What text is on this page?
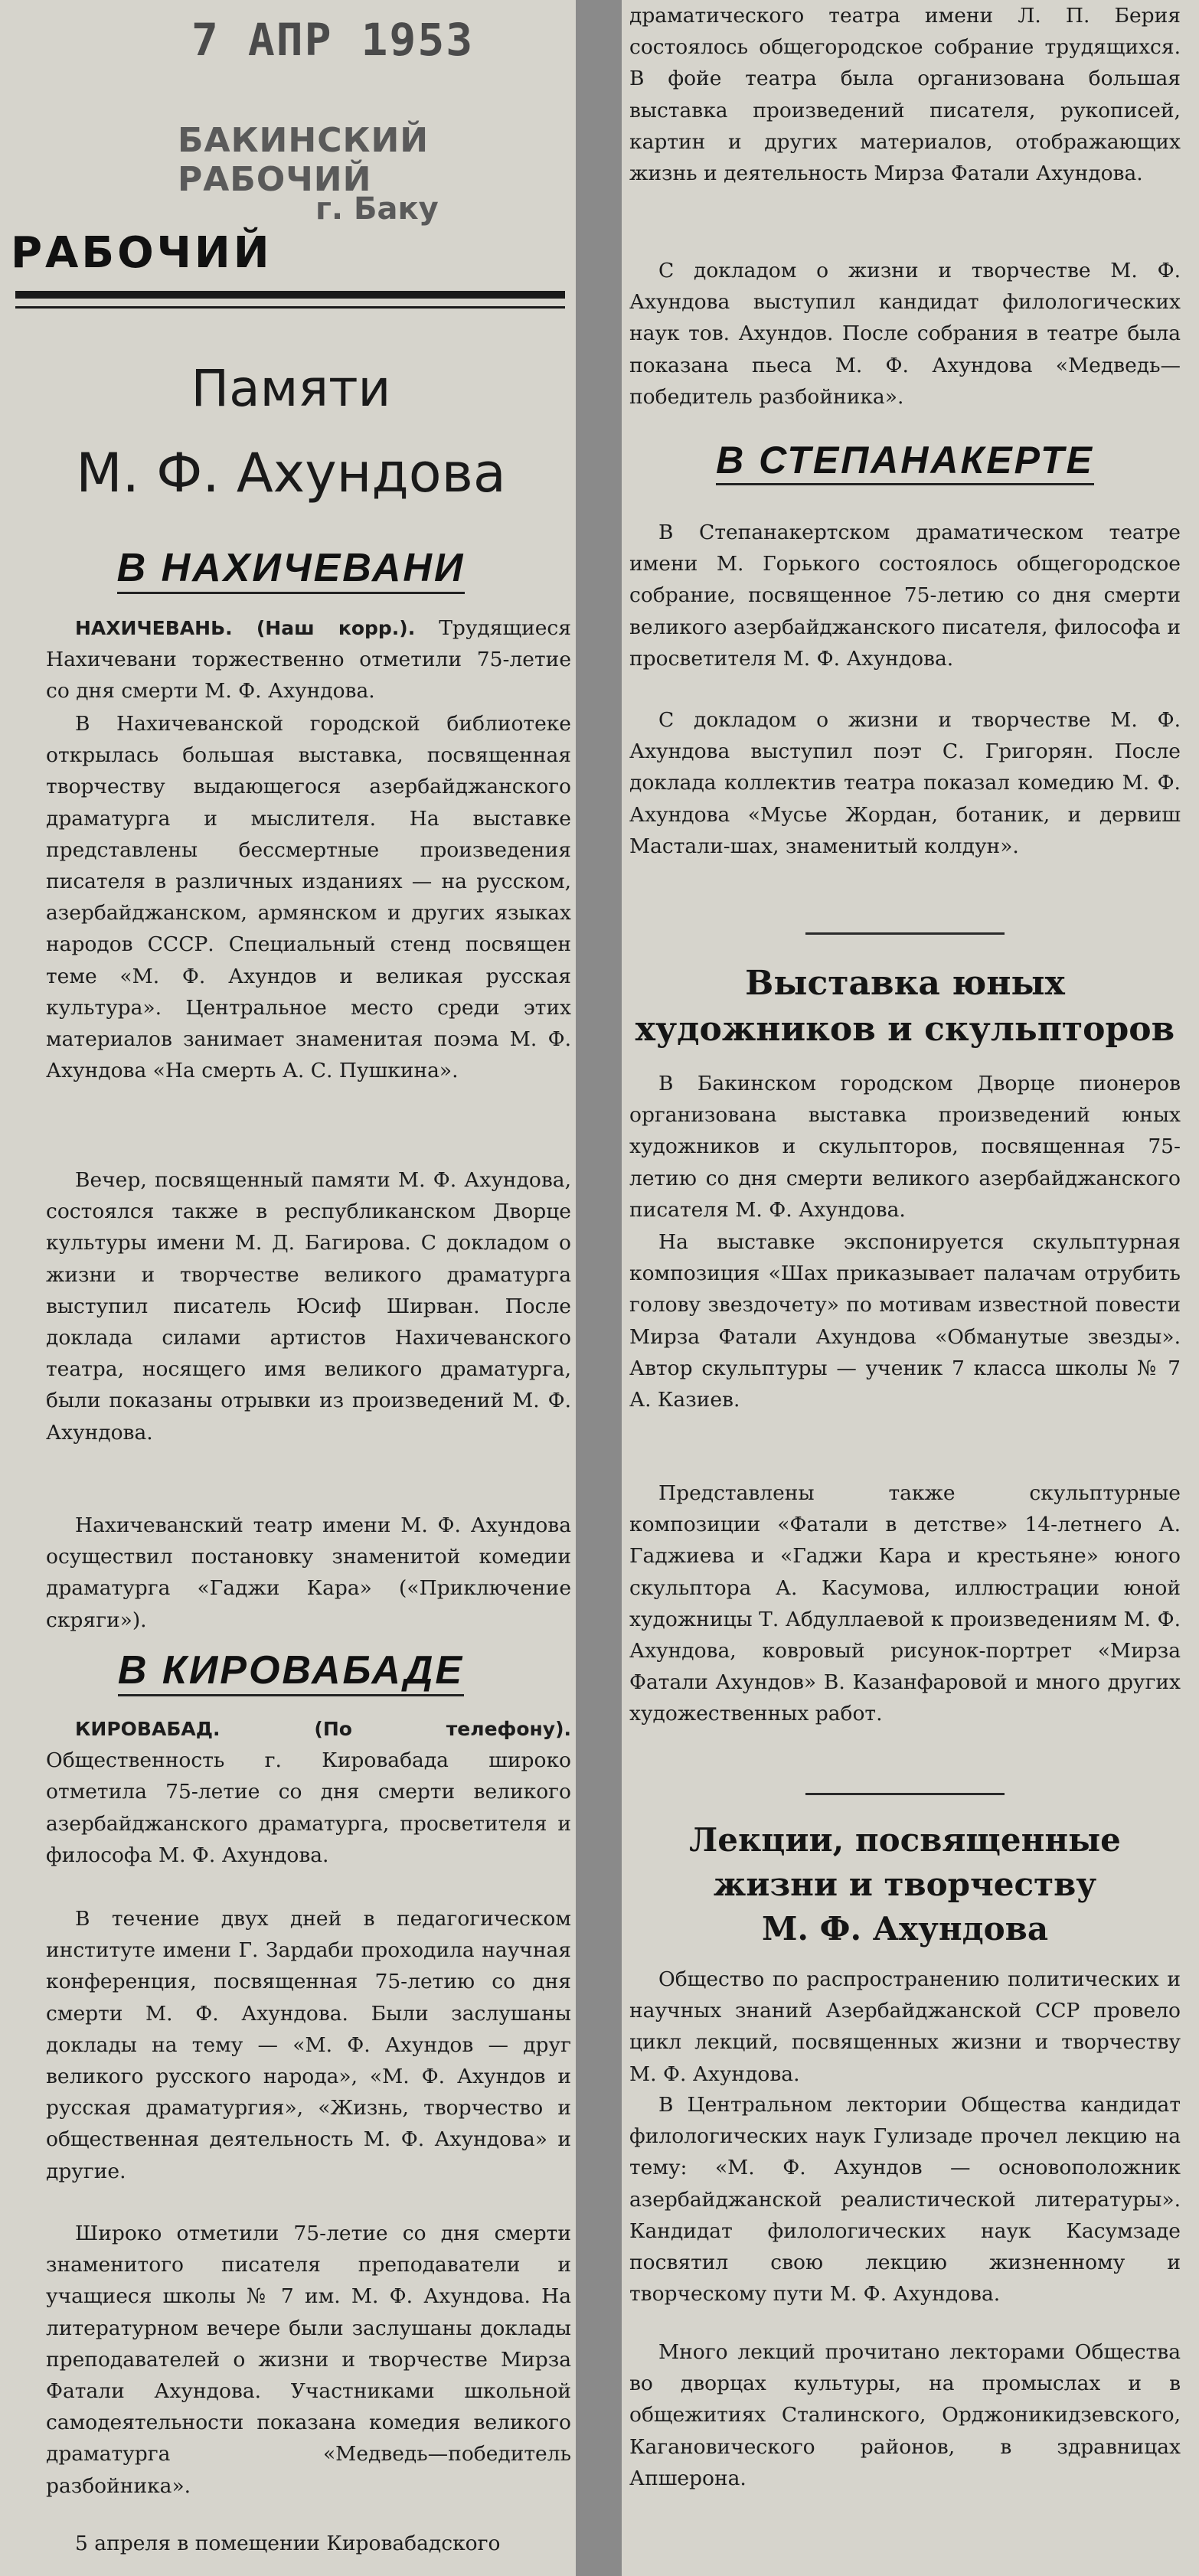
7 АПР 1953
БАКИНСКИЙ РАБОЧИЙ
г. Баку
РАБОЧИЙ
Памяти
М. Ф. Ахундова
В НАХИЧЕВАНИ

НАХИЧЕВАНЬ. (Наш корр.). Трудящиеся Нахичевани торжественно отметили 75-летие со дня смерти М. Ф. Ахундова.

В Нахичеванской городской библиотеке открылась большая выставка, посвященная творчеству выдающегося азербайджанского драматурга и мыслителя. На выставке представлены бессмертные произведения писателя в различных изданиях — на русском, азербайджанском, армянском и других языках народов СССР. Специальный стенд посвящен теме «М. Ф. Ахундов и великая русская культура». Центральное место среди этих материалов занимает знаменитая поэма М. Ф. Ахундова «На смерть А. С. Пушкина».

Вечер, посвященный памяти М. Ф. Ахундова, состоялся также в республиканском Дворце культуры имени М. Д. Багирова. С докладом о жизни и творчестве великого драматурга выступил писатель Юсиф Ширван. После доклада силами артистов Нахичеванского театра, носящего имя великого драматурга, были показаны отрывки из произведений М. Ф. Ахундова.

Нахичеванский театр имени М. Ф. Ахундова осуществил постановку знаменитой комедии драматурга «Гаджи Кара» («Приключение скряги»).

В КИРОВАБАДЕ

КИРОВАБАД. (По телефону). Общественность г. Кировабада широко отметила 75-летие со дня смерти великого азербайджанского драматурга, просветителя и философа М. Ф. Ахундова.

В течение двух дней в педагогическом институте имени Г. Зардаби проходила научная конференция, посвященная 75-летию со дня смерти М. Ф. Ахундова. Были заслушаны доклады на тему — «М. Ф. Ахундов — друг великого русского народа», «М. Ф. Ахундов и русская драматургия», «Жизнь, творчество и общественная деятельность М. Ф. Ахундова» и другие.

Широко отметили 75-летие со дня смерти знаменитого писателя преподаватели и учащиеся школы № 7 им. М. Ф. Ахундова. На литературном вечере были заслушаны доклады преподавателей о жизни и творчестве Мирза Фатали Ахундова. Участниками школьной самодеятельности показана комедия великого драматурга «Медведь—победитель разбойника».

5 апреля в помещении Кировабадского

драматического театра имени Л. П. Берия состоялось общегородское собрание трудящихся. В фойе театра была организована большая выставка произведений писателя, рукописей, картин и других материалов, отображающих жизнь и деятельность Мирза Фатали Ахундова.

С докладом о жизни и творчестве М. Ф. Ахундова выступил кандидат филологических наук тов. Ахундов. После собрания в театре была показана пьеса М. Ф. Ахундова «Медведь—победитель разбойника».

В СТЕПАНАКЕРТЕ

В Степанакертском драматическом театре имени М. Горького состоялось общегородское собрание, посвященное 75-летию со дня смерти великого азербайджанского писателя, философа и просветителя М. Ф. Ахундова.

С докладом о жизни и творчестве М. Ф. Ахундова выступил поэт С. Григорян. После доклада коллектив театра показал комедию М. Ф. Ахундова «Мусье Жордан, ботаник, и дервиш Мастали-шах, знаменитый колдун».

Выставка юных
художников и скульпторов

В Бакинском городском Дворце пионеров организована выставка произведений юных художников и скульпторов, посвященная 75-летию со дня смерти великого азербайджанского писателя М. Ф. Ахундова.

На выставке экспонируется скульптурная композиция «Шах приказывает палачам отрубить голову звездочету» по мотивам известной повести Мирза Фатали Ахундова «Обманутые звезды». Автор скульптуры — ученик 7 класса школы № 7 А. Казиев.

Представлены также скульптурные композиции «Фатали в детстве» 14-летнего А. Гаджиева и «Гаджи Кара и крестьяне» юного скульптора А. Касумова, иллюстрации юной художницы Т. Абдуллаевой к произведениям М. Ф. Ахундова, ковровый рисунок-портрет «Мирза Фатали Ахундов» В. Казанфаровой и много других художественных работ.

Лекции, посвященные
жизни и творчеству
М. Ф. Ахундова

Общество по распространению политических и научных знаний Азербайджанской ССР провело цикл лекций, посвященных жизни и творчеству М. Ф. Ахундова.

В Центральном лектории Общества кандидат филологических наук Гулизаде прочел лекцию на тему: «М. Ф. Ахундов — основоположник азербайджанской реалистической литературы». Кандидат филологических наук Касумзаде посвятил свою лекцию жизненному и творческому пути М. Ф. Ахундова.

Много лекций прочитано лекторами Общества во дворцах культуры, на промыслах и в общежитиях Сталинского, Орджоникидзевского, Кагановического районов, в здравницах Апшерона.
